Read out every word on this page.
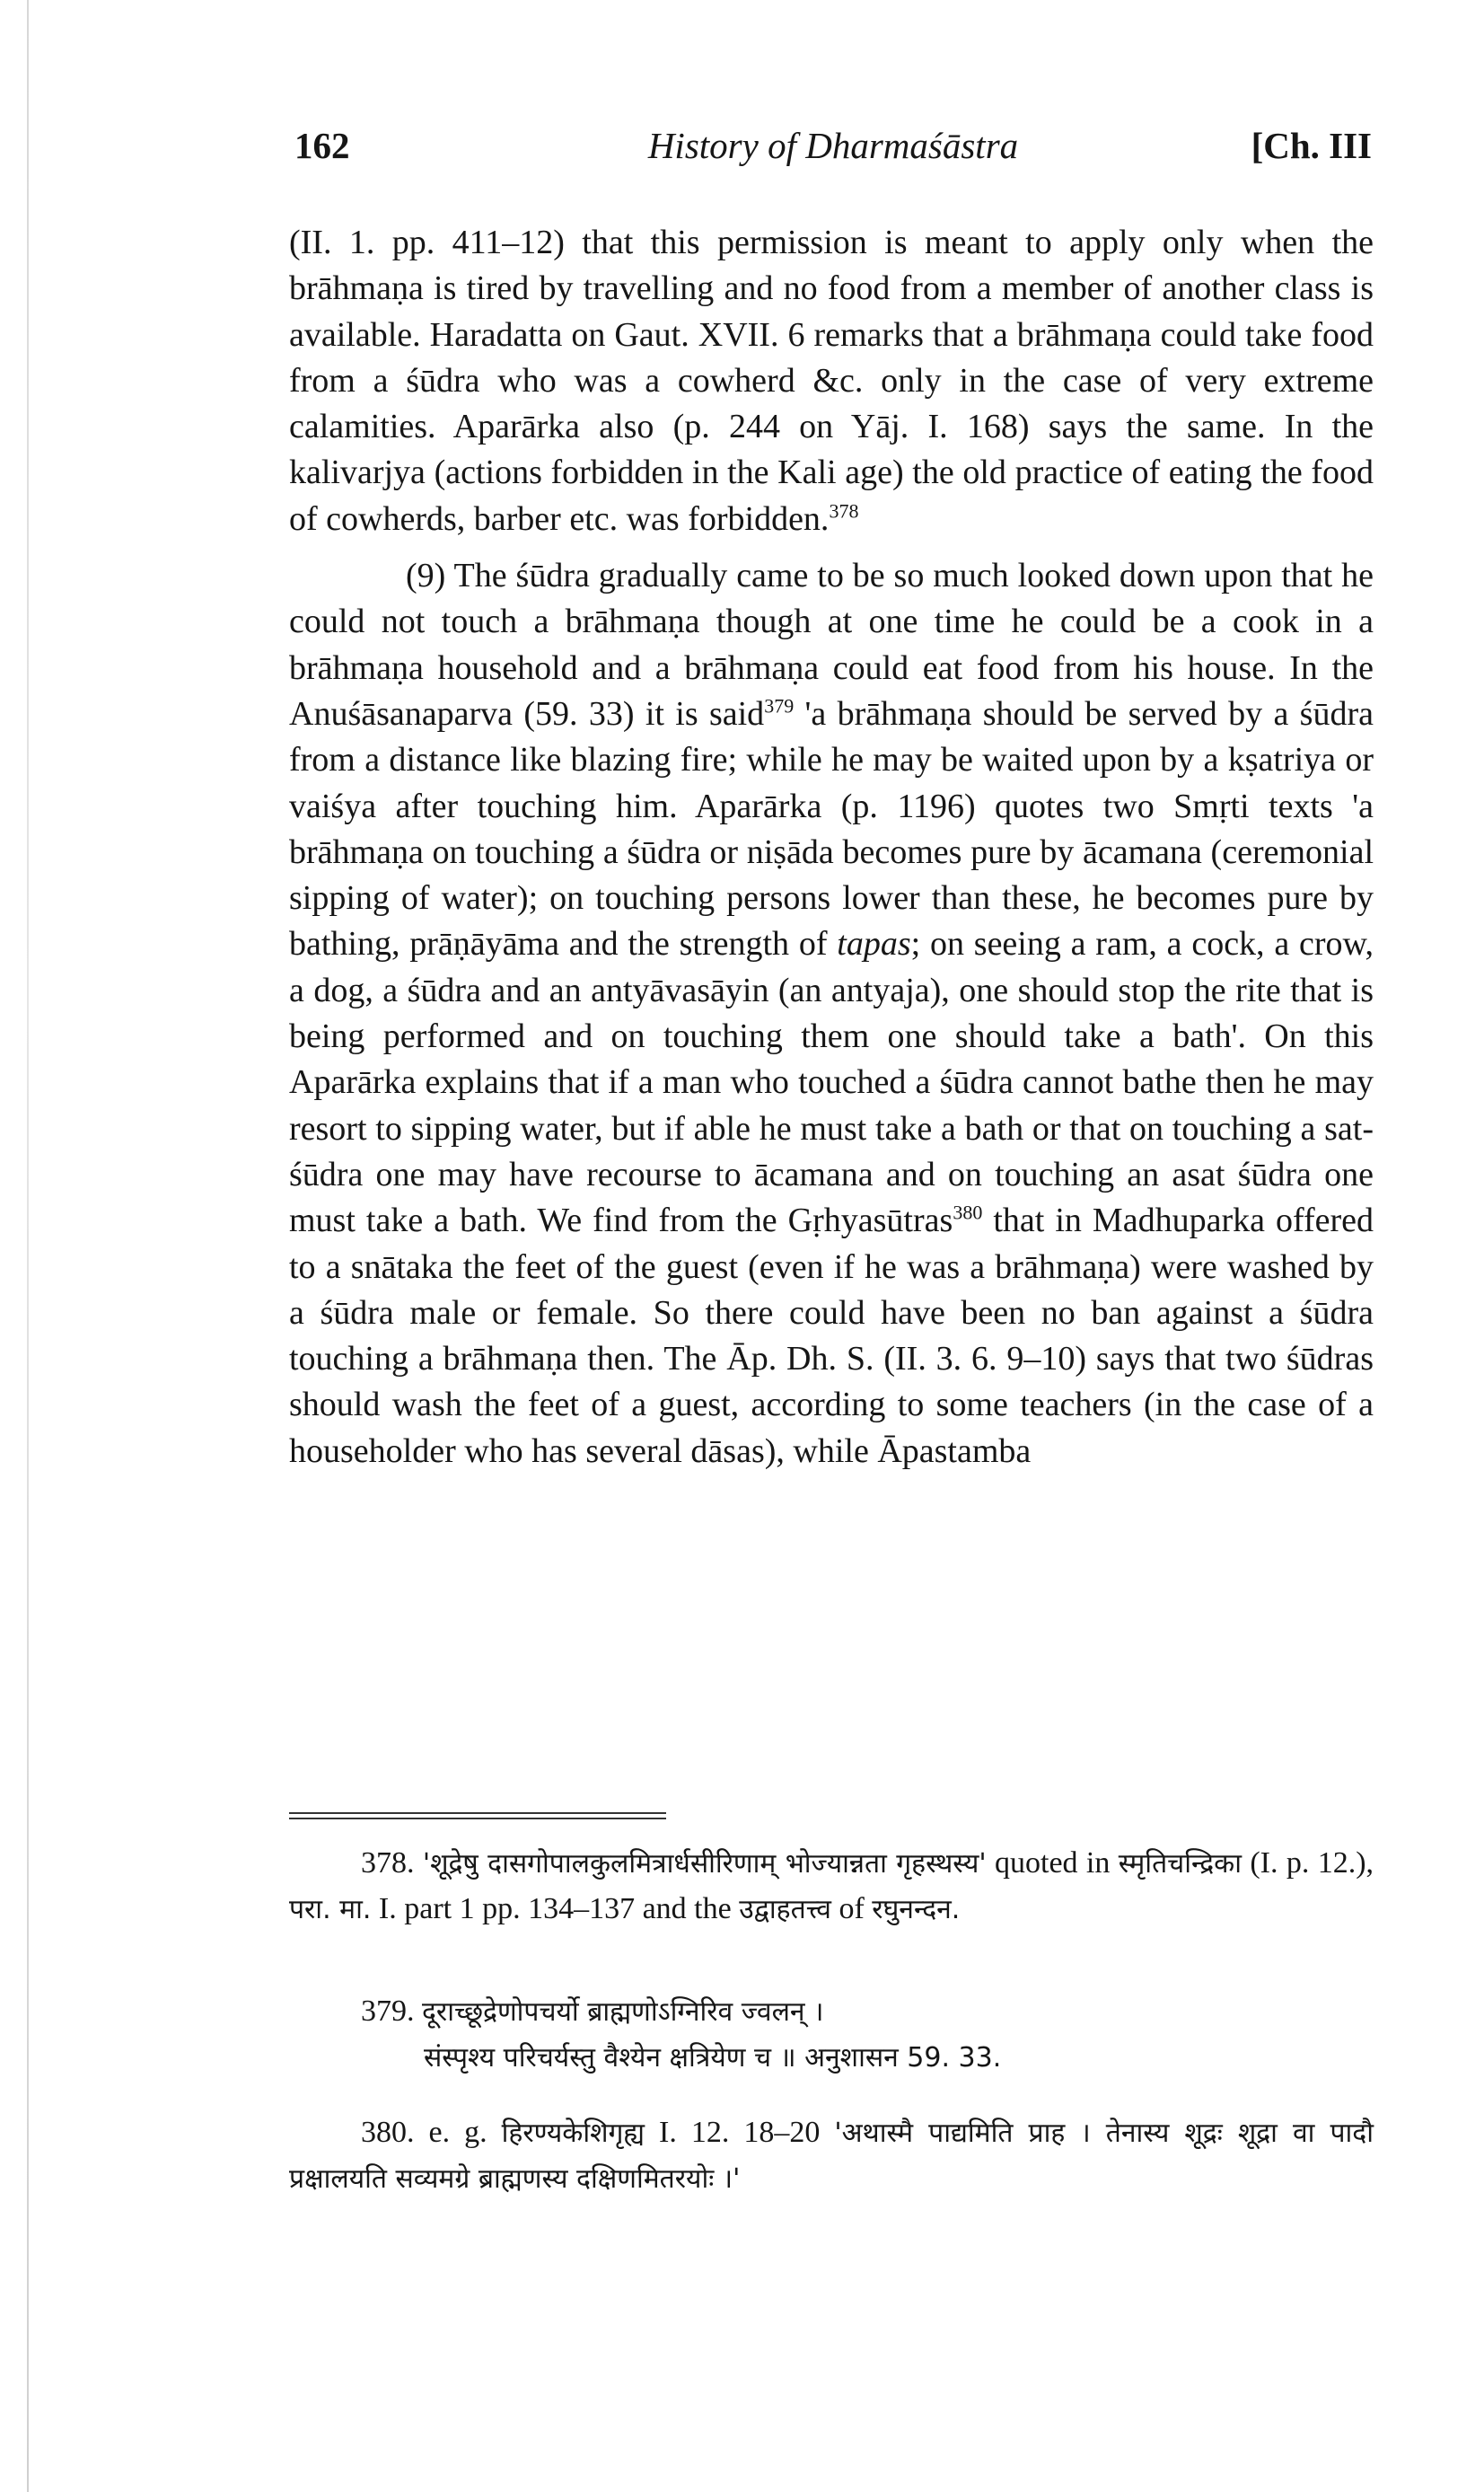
162	History of Dharmaśāstra	[Ch. III

(II. 1. pp. 411–12) that this permission is meant to apply only when the brāhmaṇa is tired by travelling and no food from a member of another class is available. Haradatta on Gaut. XVII. 6 remarks that a brāhmaṇa could take food from a śūdra who was a cowherd &c. only in the case of very extreme calamities. Aparārka also (p. 244 on Yāj. I. 168) says the same. In the kalivarjya (actions forbidden in the Kali age) the old practice of eating the food of cowherds, barber etc. was forbidden.$^{378}$

(9) The śūdra gradually came to be so much looked down upon that he could not touch a brāhmaṇa though at one time he could be a cook in a brāhmaṇa household and a brāhmaṇa could eat food from his house. In the Anuśāsanaparva (59. 33) it is said$^{379}$ 'a brāhmaṇa should be served by a śūdra from a distance like blazing fire; while he may be waited upon by a kṣatriya or vaiśya after touching him. Aparārka (p. 1196) quotes two Smṛti texts 'a brāhmaṇa on touching a śūdra or niṣāda becomes pure by ācamana (ceremonial sipping of water); on touching persons lower than these, he becomes pure by bathing, prāṇāyāma and the strength of tapas; on seeing a ram, a cock, a crow, a dog, a śūdra and an antyāvasāyin (an antyaja), one should stop the rite that is being performed and on touching them one should take a bath'. On this Aparārka explains that if a man who touched a śūdra cannot bathe then he may resort to sipping water, but if able he must take a bath or that on touching a sat-śūdra one may have recourse to ācamana and on touching an asat śūdra one must take a bath. We find from the Gṛhyasūtras$^{380}$ that in Madhuparka offered to a snātaka the feet of the guest (even if he was a brāhmaṇa) were washed by a śūdra male or female. So there could have been no ban against a śūdra touching a brāhmaṇa then. The Āp. Dh. S. (II. 3. 6. 9–10) says that two śūdras should wash the feet of a guest, according to some teachers (in the case of a householder who has several dāsas), while Āpastamba

378. 'शूद्रेषु दासगोपालकुलमित्रार्धसीरिणाम् भोज्यान्नता गृहस्थस्य' quoted in स्मृतिचन्द्रिका (I. p. 12.), परा. मा. I. part 1 pp. 134–137 and the उद्वाहतत्त्व of रघुनन्दन.
379. दूराच्छूद्रेणोपचर्यो ब्राह्मणोऽग्निरिव ज्वलन् ।
संस्पृश्य परिचर्यस्तु वैश्येन क्षत्रियेण च ॥ अनुशासन 59. 33.
380. e. g. हिरण्यकेशिगृह्य I. 12. 18–20 'अथास्मै पाद्यमिति प्राह । तेनास्य शूद्रः शूद्रा वा पादौ प्रक्षालयति सव्यमग्रे ब्राह्मणस्य दक्षिणमितरयोः ।'
